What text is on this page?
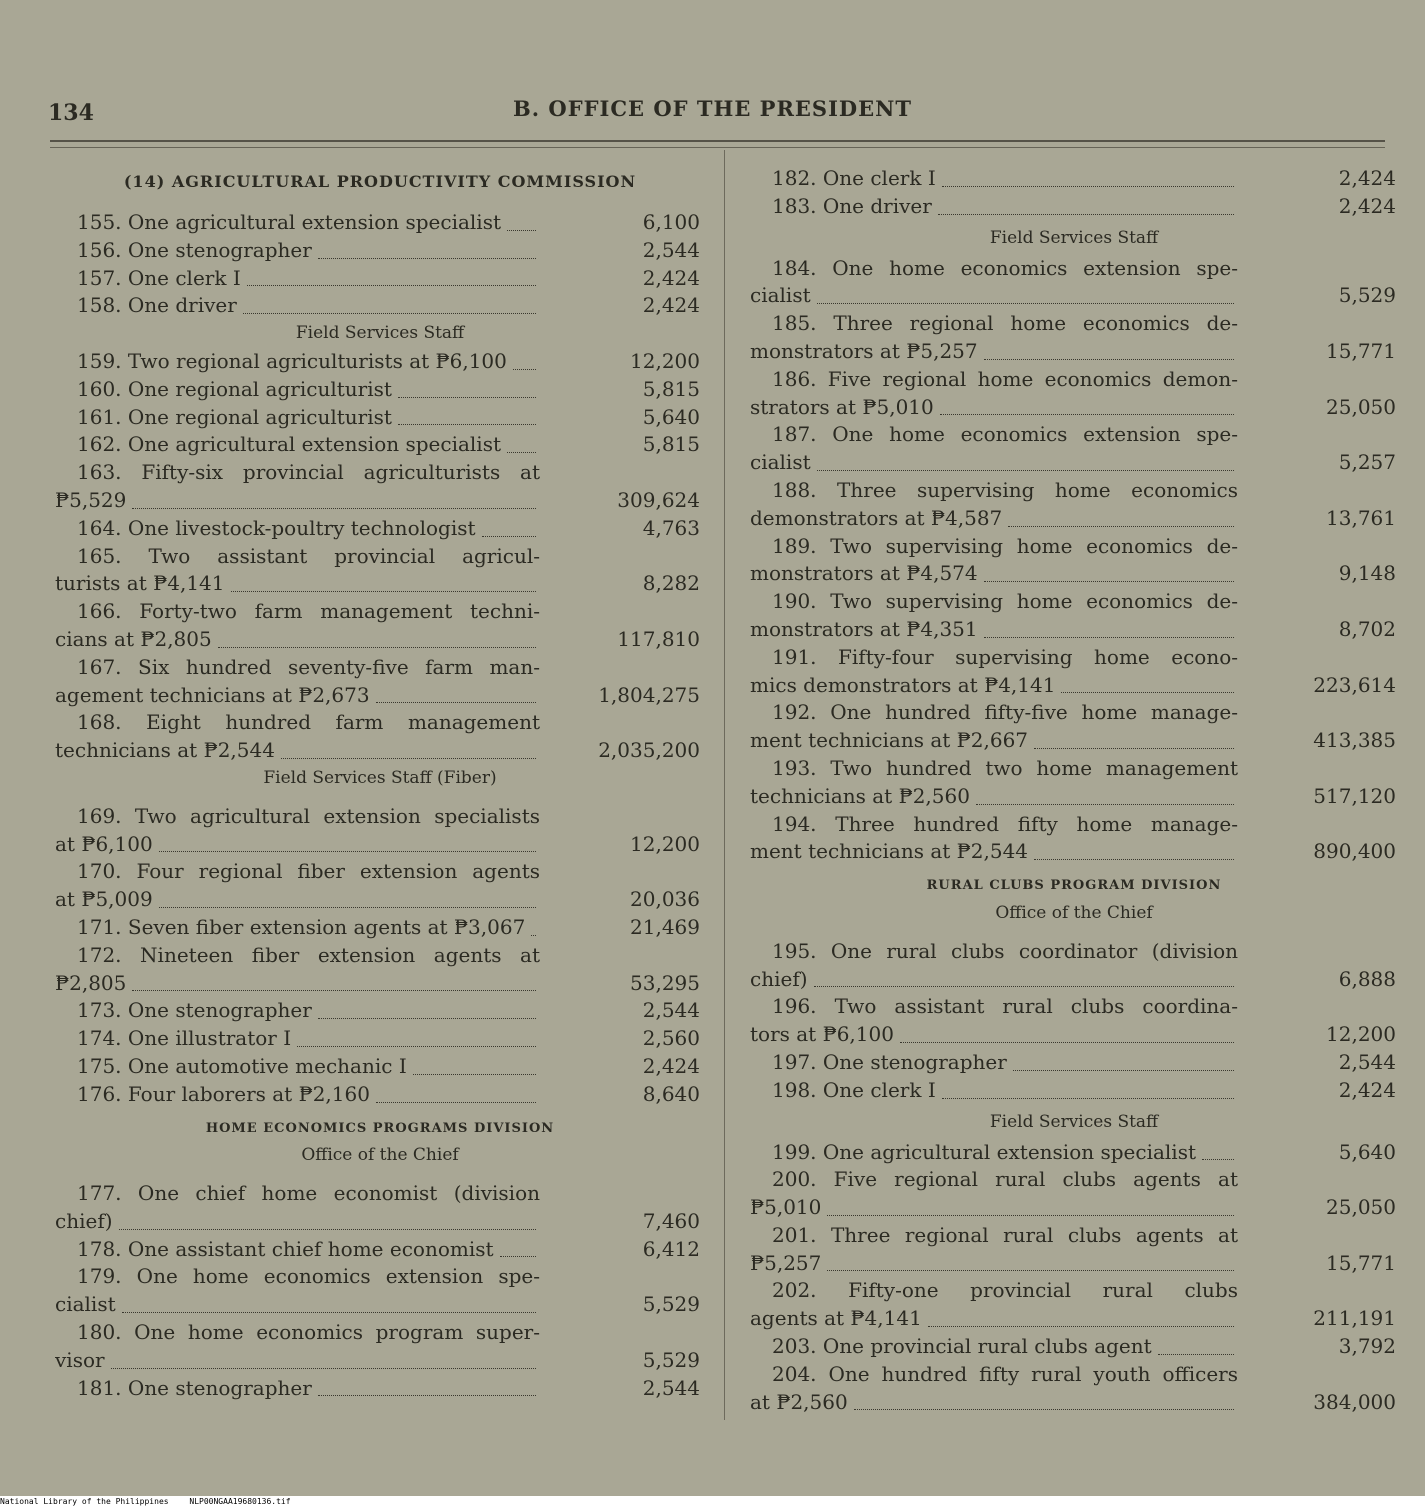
134	B. OFFICE OF THE PRESIDENT
(14) AGRICULTURAL PRODUCTIVITY COMMISSION
155. One agricultural extension specialist	6,100
156. One stenographer	2,544
157. One clerk I	2,424
158. One driver	2,424
Field Services Staff
159. Two regional agriculturists at ₱6,100	12,200
160. One regional agriculturist	5,815
161. One regional agriculturist	5,640
162. One agricultural extension specialist	5,815
163. Fifty-six provincial agriculturists at
₱5,529	309,624
164. One livestock-poultry technologist	4,763
165. Two assistant provincial agricul-
turists at ₱4,141	8,282
166. Forty-two farm management techni-
cians at ₱2,805	117,810
167. Six hundred seventy-five farm man-
agement technicians at ₱2,673	1,804,275
168. Eight hundred farm management
technicians at ₱2,544	2,035,200
Field Services Staff (Fiber)
169. Two agricultural extension specialists
at ₱6,100	12,200
170. Four regional fiber extension agents
at ₱5,009	20,036
171. Seven fiber extension agents at ₱3,067	21,469
172. Nineteen fiber extension agents at
₱2,805	53,295
173. One stenographer	2,544
174. One illustrator I	2,560
175. One automotive mechanic I	2,424
176. Four laborers at ₱2,160	8,640
HOME ECONOMICS PROGRAMS DIVISION
Office of the Chief
177. One chief home economist (division
chief)	7,460
178. One assistant chief home economist	6,412
179. One home economics extension spe-
cialist	5,529
180. One home economics program super-
visor	5,529
181. One stenographer	2,544
182. One clerk I	2,424
183. One driver	2,424
Field Services Staff
184. One home economics extension spe-
cialist	5,529
185. Three regional home economics de-
monstrators at ₱5,257	15,771
186. Five regional home economics demon-
strators at ₱5,010	25,050
187. One home economics extension spe-
cialist	5,257
188. Three supervising home economics
demonstrators at ₱4,587	13,761
189. Two supervising home economics de-
monstrators at ₱4,574	9,148
190. Two supervising home economics de-
monstrators at ₱4,351	8,702
191. Fifty-four supervising home econo-
mics demonstrators at ₱4,141	223,614
192. One hundred fifty-five home manage-
ment technicians at ₱2,667	413,385
193. Two hundred two home management
technicians at ₱2,560	517,120
194. Three hundred fifty home manage-
ment technicians at ₱2,544	890,400
RURAL CLUBS PROGRAM DIVISION
Office of the Chief
195. One rural clubs coordinator (division
chief)	6,888
196. Two assistant rural clubs coordina-
tors at ₱6,100	12,200
197. One stenographer	2,544
198. One clerk I	2,424
Field Services Staff
199. One agricultural extension specialist	5,640
200. Five regional rural clubs agents at
₱5,010	25,050
201. Three regional rural clubs agents at
₱5,257	15,771
202. Fifty-one provincial rural clubs
agents at ₱4,141	211,191
203. One provincial rural clubs agent	3,792
204. One hundred fifty rural youth officers
at ₱2,560	384,000
National Library of the Philippines	NLP00NGAA19680136.tif
